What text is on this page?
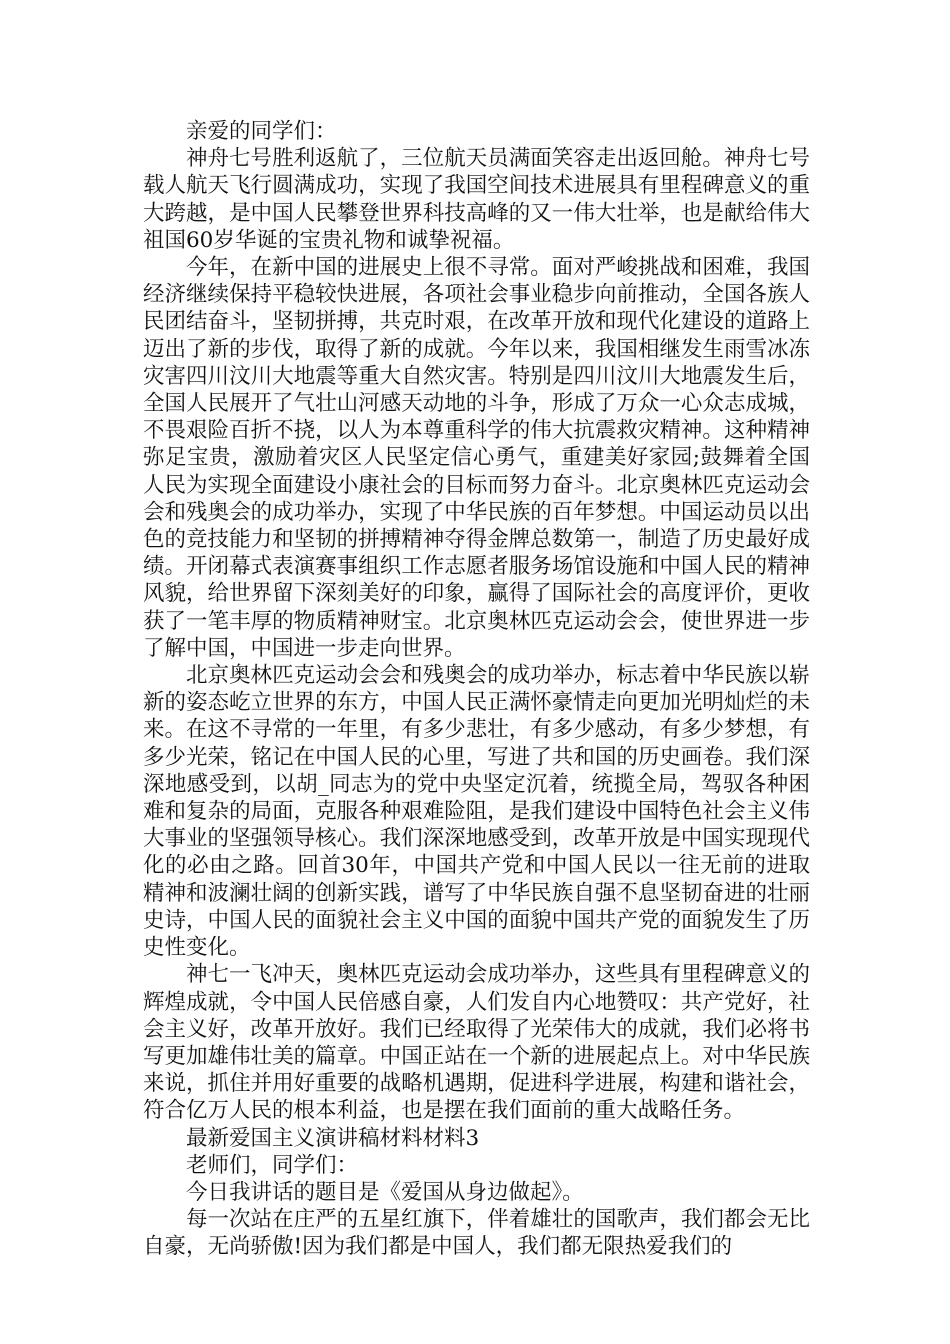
亲爱的同学们：

神舟七号胜利返航了，三位航天员满面笑容走出返回舱。神舟七号载人航天飞行圆满成功，实现了我国空间技术进展具有里程碑意义的重大跨越，是中国人民攀登世界科技高峰的又一伟大壮举，也是献给伟大祖国60岁华诞的宝贵礼物和诚挚祝福。

今年，在新中国的进展史上很不寻常。面对严峻挑战和困难，我国经济继续保持平稳较快进展，各项社会事业稳步向前推动，全国各族人民团结奋斗，坚韧拼搏，共克时艰，在改革开放和现代化建设的道路上迈出了新的步伐，取得了新的成就。今年以来，我国相继发生雨雪冰冻灾害四川汶川大地震等重大自然灾害。特别是四川汶川大地震发生后，全国人民展开了气壮山河感天动地的斗争，形成了万众一心众志成城，不畏艰险百折不挠，以人为本尊重科学的伟大抗震救灾精神。这种精神弥足宝贵，激励着灾区人民坚定信心勇气，重建美好家园;鼓舞着全国人民为实现全面建设小康社会的目标而努力奋斗。北京奥林匹克运动会会和残奥会的成功举办，实现了中华民族的百年梦想。中国运动员以出色的竞技能力和坚韧的拼搏精神夺得金牌总数第一，制造了历史最好成绩。开闭幕式表演赛事组织工作志愿者服务场馆设施和中国人民的精神风貌，给世界留下深刻美好的印象，赢得了国际社会的高度评价，更收获了一笔丰厚的物质精神财宝。北京奥林匹克运动会会，使世界进一步了解中国，中国进一步走向世界。

北京奥林匹克运动会会和残奥会的成功举办，标志着中华民族以崭新的姿态屹立世界的东方，中国人民正满怀豪情走向更加光明灿烂的未来。在这不寻常的一年里，有多少悲壮，有多少感动，有多少梦想，有多少光荣，铭记在中国人民的心里，写进了共和国的历史画卷。我们深深地感受到，以胡_同志为的党中央坚定沉着，统揽全局，驾驭各种困难和复杂的局面，克服各种艰难险阻，是我们建设中国特色社会主义伟大事业的坚强领导核心。我们深深地感受到，改革开放是中国实现现代化的必由之路。回首30年，中国共产党和中国人民以一往无前的进取精神和波澜壮阔的创新实践，谱写了中华民族自强不息坚韧奋进的壮丽史诗，中国人民的面貌社会主义中国的面貌中国共产党的面貌发生了历史性变化。

神七一飞冲天，奥林匹克运动会成功举办，这些具有里程碑意义的辉煌成就，令中国人民倍感自豪，人们发自内心地赞叹：共产党好，社会主义好，改革开放好。我们已经取得了光荣伟大的成就，我们必将书写更加雄伟壮美的篇章。中国正站在一个新的进展起点上。对中华民族来说，抓住并用好重要的战略机遇期，促进科学进展，构建和谐社会，符合亿万人民的根本利益，也是摆在我们面前的重大战略任务。

最新爱国主义演讲稿材料材料3

老师们，同学们：

今日我讲话的题目是《爱国从身边做起》。

每一次站在庄严的五星红旗下，伴着雄壮的国歌声，我们都会无比自豪，无尚骄傲!因为我们都是中国人，我们都无限热爱我们的
